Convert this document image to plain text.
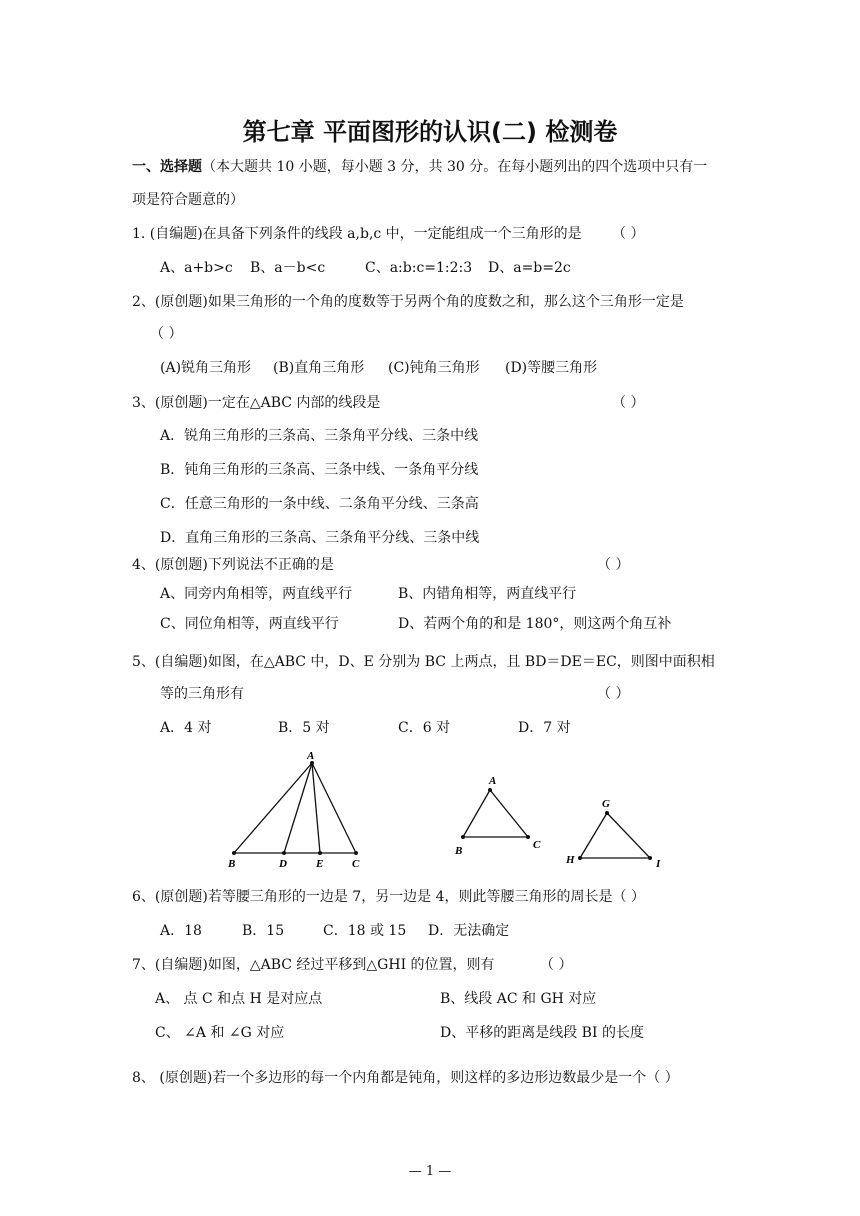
第七章 平面图形的认识(二) 检测卷
一、选择题（本大题共 10 小题，每小题 3 分，共 30 分。在每小题列出的四个选项中只有一
项是符合题意的）
1. (自编题)在具备下列条件的线段 a,b,c 中，一定能组成一个三角形的是 （ ）
A、a+b>c B、a－b<c	C、a:b:c=1:2:3 D、a=b=2c
2、(原创题)如果三角形的一个角的度数等于另两个角的度数之和，那么这个三角形一定是
（ ）
(A)锐角三角形 (B)直角三角形 (C)钝角三角形 (D)等腰三角形
3、(原创题)一定在△ABC 内部的线段是	（ ）
A．锐角三角形的三条高、三条角平分线、三条中线
B．钝角三角形的三条高、三条中线、一条角平分线
C．任意三角形的一条中线、二条角平分线、三条高
D．直角三角形的三条高、三条角平分线、三条中线
4、(原创题)下列说法不正确的是	（ ）
A、同旁内角相等，两直线平行	B、内错角相等，两直线平行
C、同位角相等，两直线平行	D、若两个角的和是 180°，则这两个角互补
5、(自编题)如图，在△ABC 中，D、E 分别为 BC 上两点，且 BD＝DE＝EC，则图中面积相
等的三角形有	（ ）
A．4 对	B．5 对	C．6 对	D．7 对
A
B	D	E	C
A
B	C
G
H	I
6、(原创题)若等腰三角形的一边是 7，另一边是 4，则此等腰三角形的周长是（ ）
A．18	B．15	C．18 或 15 D．无法确定
7、(自编题)如图，△ABC 经过平移到△GHI 的位置，则有	（ ）
A、 点 C 和点 H 是对应点	B、线段 AC 和 GH 对应
C、 ∠A 和 ∠G 对应	D、平移的距离是线段 BI 的长度
8、 (原创题)若一个多边形的每一个内角都是钝角，则这样的多边形边数最少是一个（ ）
— 1 —
